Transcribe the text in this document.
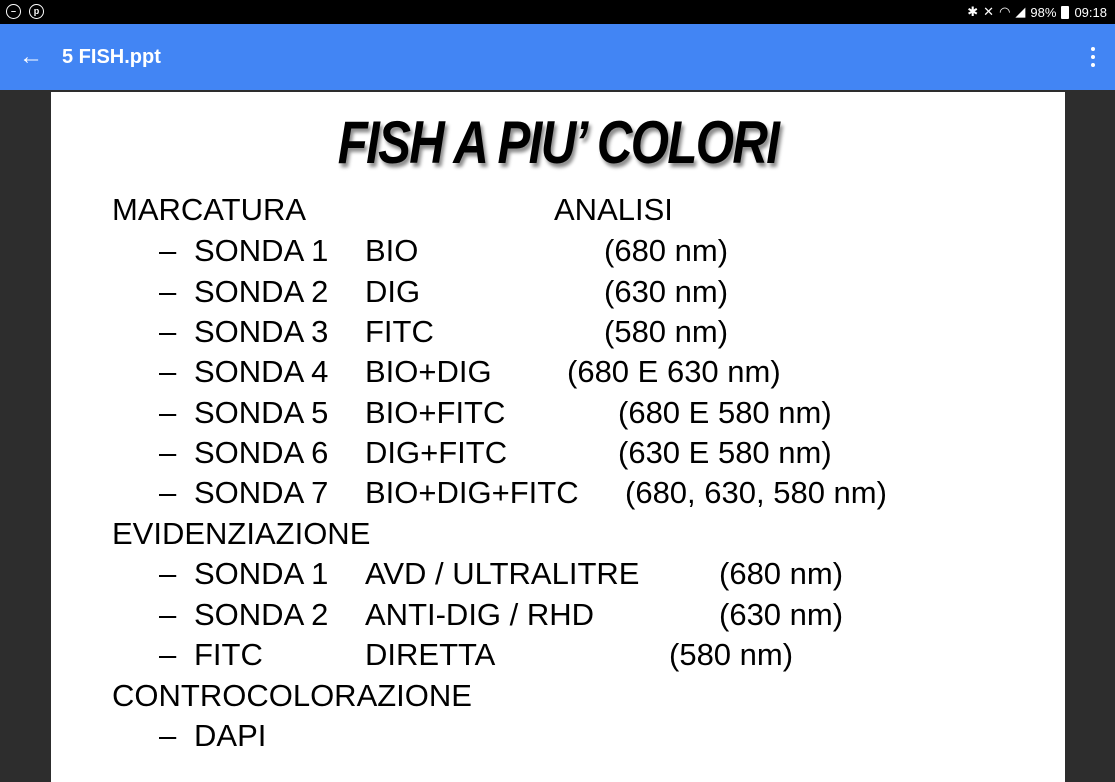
–	p	✱ ✕ ◠ ◢ 98% 09:18
← 5 FISH.ppt
FISH A PIU’ COLORI
MARCATURA	ANALISI
– SONDA 1 BIO	(680 nm)
– SONDA 2 DIG	(630 nm)
– SONDA 3 FITC	(580 nm)
– SONDA 4 BIO+DIG (680 E 630 nm)
– SONDA 5 BIO+FITC	(680 E 580 nm)
– SONDA 6 DIG+FITC	(630 E 580 nm)
– SONDA 7 BIO+DIG+FITC (680, 630, 580 nm)
EVIDENZIAZIONE
– SONDA 1 AVD / ULTRALITRE	(680 nm)
– SONDA 2 ANTI-DIG / RHD	(630 nm)
– FITC	DIRETTA	(580 nm)
CONTROCOLORAZIONE
– DAPI
